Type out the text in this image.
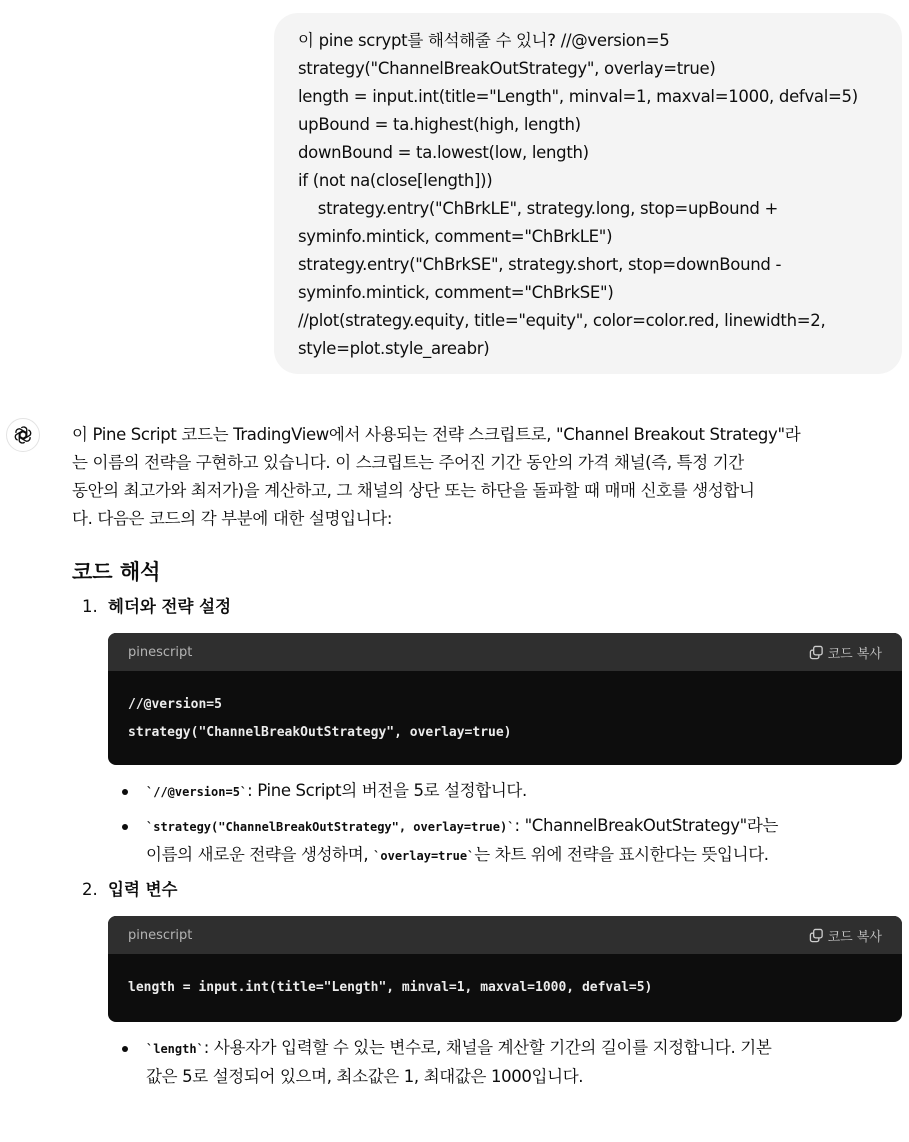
이 pine scrypt를 해석해줄 수 있니? //@version=5
strategy("ChannelBreakOutStrategy", overlay=true)
length = input.int(title="Length", minval=1, maxval=1000, defval=5)
upBound = ta.highest(high, length)
downBound = ta.lowest(low, length)
if (not na(close[length]))
strategy.entry("ChBrkLE", strategy.long, stop=upBound +
syminfo.mintick, comment="ChBrkLE")
strategy.entry("ChBrkSE", strategy.short, stop=downBound -
syminfo.mintick, comment="ChBrkSE")
//plot(strategy.equity, title="equity", color=color.red, linewidth=2,
style=plot.style_areabr)
이 Pine Script 코드는 TradingView에서 사용되는 전략 스크립트로, "Channel Breakout Strategy"라
는 이름의 전략을 구현하고 있습니다. 이 스크립트는 주어진 기간 동안의 가격 채널(즉, 특정 기간
동안의 최고가와 최저가)을 계산하고, 그 채널의 상단 또는 하단을 돌파할 때 매매 신호를 생성합니
다. 다음은 코드의 각 부분에 대한 설명입니다:
코드 해석
1. 헤더와 전략 설정
pinescript	코드 복사
//@version=5
strategy("ChannelBreakOutStrategy", overlay=true)
`//@version=5`: Pine Script의 버전을 5로 설정합니다.
`strategy("ChannelBreakOutStrategy", overlay=true)`: "ChannelBreakOutStrategy"라는
이름의 새로운 전략을 생성하며, `overlay=true`는 차트 위에 전략을 표시한다는 뜻입니다.
2. 입력 변수
pinescript	코드 복사
length = input.int(title="Length", minval=1, maxval=1000, defval=5)
`length`: 사용자가 입력할 수 있는 변수로, 채널을 계산할 기간의 길이를 지정합니다. 기본
값은 5로 설정되어 있으며, 최소값은 1, 최대값은 1000입니다.
